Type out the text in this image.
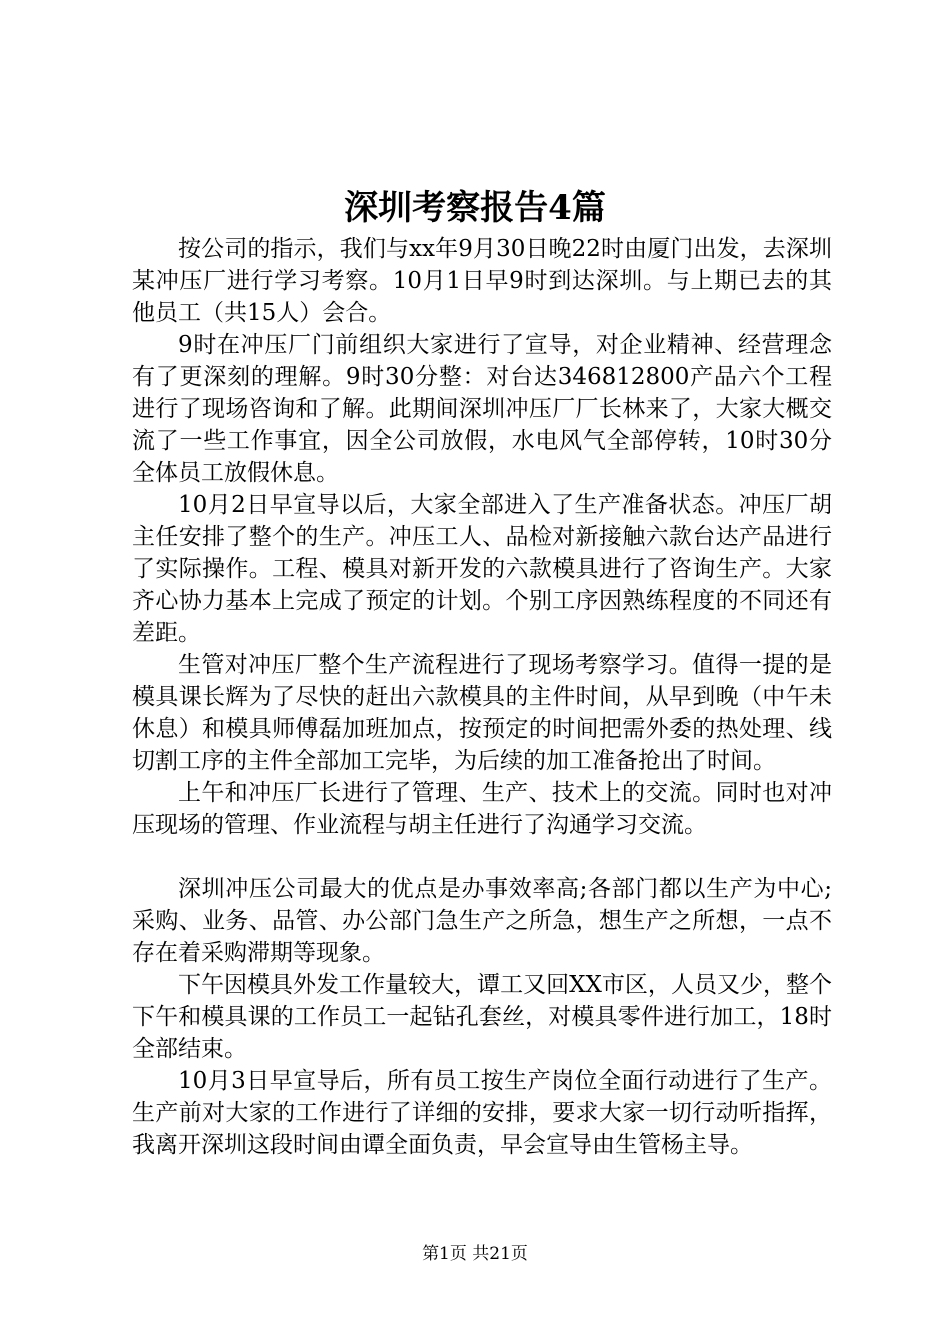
深圳考察报告4篇

按公司的指示，我们与xx年9月30日晚22时由厦门出发，去深圳某冲压厂进行学习考察。10月1日早9时到达深圳。与上期已去的其他员工（共15人）会合。

9时在冲压厂门前组织大家进行了宣导，对企业精神、经营理念有了更深刻的理解。9时30分整：对台达346812800产品六个工程进行了现场咨询和了解。此期间深圳冲压厂厂长林来了，大家大概交流了一些工作事宜，因全公司放假，水电风气全部停转，10时30分全体员工放假休息。

10月2日早宣导以后，大家全部进入了生产准备状态。冲压厂胡主任安排了整个的生产。冲压工人、品检对新接触六款台达产品进行了实际操作。工程、模具对新开发的六款模具进行了咨询生产。大家齐心协力基本上完成了预定的计划。个别工序因熟练程度的不同还有差距。

生管对冲压厂整个生产流程进行了现场考察学习。值得一提的是模具课长辉为了尽快的赶出六款模具的主件时间，从早到晚（中午未休息）和模具师傅磊加班加点，按预定的时间把需外委的热处理、线切割工序的主件全部加工完毕，为后续的加工准备抢出了时间。

上午和冲压厂长进行了管理、生产、技术上的交流。同时也对冲压现场的管理、作业流程与胡主任进行了沟通学习交流。

深圳冲压公司最大的优点是办事效率高;各部门都以生产为中心;采购、业务、品管、办公部门急生产之所急，想生产之所想，一点不存在着采购滞期等现象。

下午因模具外发工作量较大，谭工又回XX市区，人员又少，整个下午和模具课的工作员工一起钻孔套丝，对模具零件进行加工，18时全部结束。

10月3日早宣导后，所有员工按生产岗位全面行动进行了生产。生产前对大家的工作进行了详细的安排，要求大家一切行动听指挥，我离开深圳这段时间由谭全面负责，早会宣导由生管杨主导。

第1页 共21页
